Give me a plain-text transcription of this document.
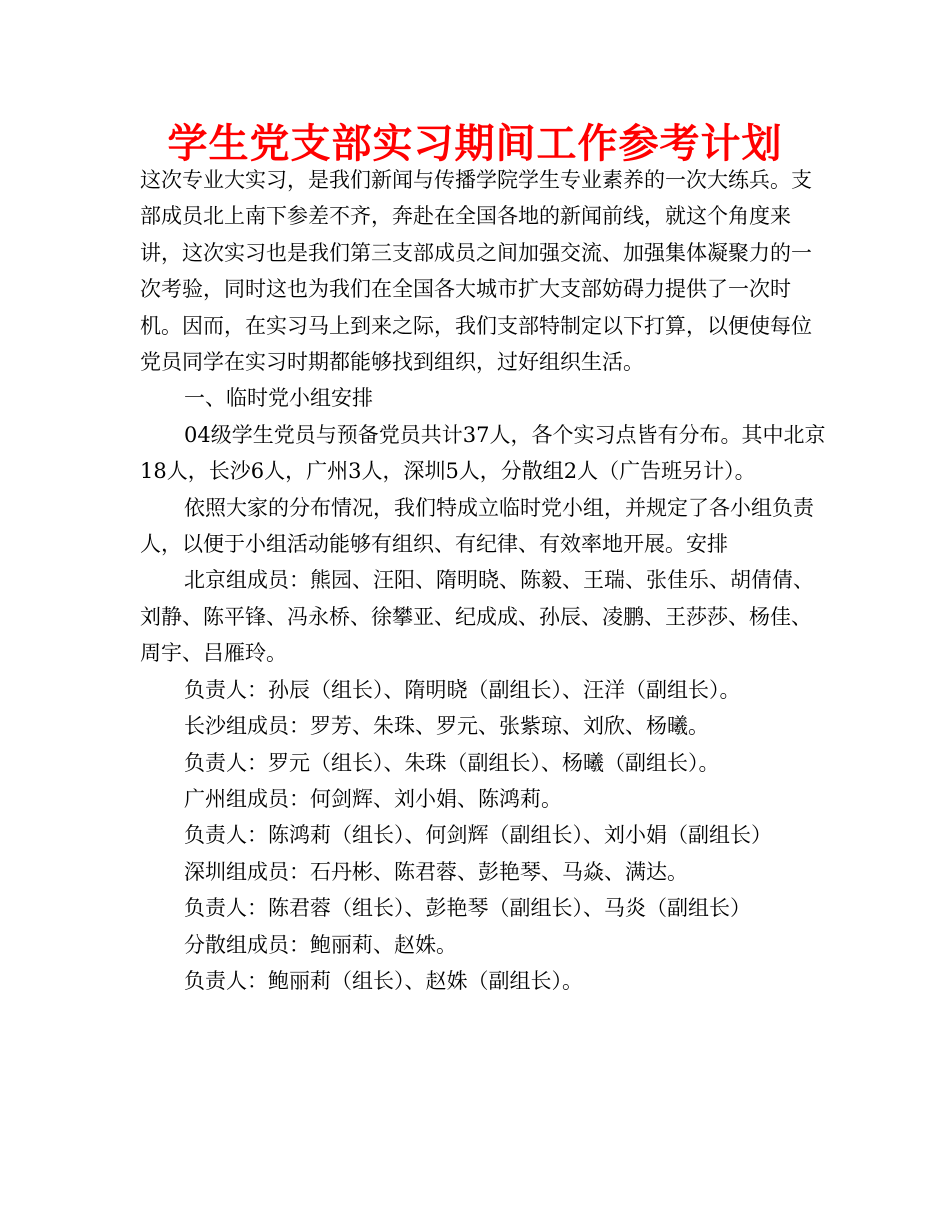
学生党支部实习期间工作参考计划

这次专业大实习，是我们新闻与传播学院学生专业素养的一次大练兵。支部成员北上南下参差不齐，奔赴在全国各地的新闻前线，就这个角度来讲，这次实习也是我们第三支部成员之间加强交流、加强集体凝聚力的一次考验，同时这也为我们在全国各大城市扩大支部妨碍力提供了一次时机。因而，在实习马上到来之际，我们支部特制定以下打算，以便使每位党员同学在实习时期都能够找到组织，过好组织生活。

一、临时党小组安排

04级学生党员与预备党员共计37人，各个实习点皆有分布。其中北京18人，长沙6人，广州3人，深圳5人，分散组2人（广告班另计）。

依照大家的分布情况，我们特成立临时党小组，并规定了各小组负责人，以便于小组活动能够有组织、有纪律、有效率地开展。安排

北京组成员：熊园、汪阳、隋明晓、陈毅、王瑞、张佳乐、胡倩倩、刘静、陈平锋、冯永桥、徐攀亚、纪成成、孙辰、凌鹏、王莎莎、杨佳、周宇、吕雁玲。

负责人：孙辰（组长）、隋明晓（副组长）、汪洋（副组长）。

长沙组成员：罗芳、朱珠、罗元、张紫琼、刘欣、杨曦。

负责人：罗元（组长）、朱珠（副组长）、杨曦（副组长）。

广州组成员：何剑辉、刘小娟、陈鸿莉。

负责人：陈鸿莉（组长）、何剑辉（副组长）、刘小娟（副组长）

深圳组成员：石丹彬、陈君蓉、彭艳琴、马焱、满达。

负责人：陈君蓉（组长）、彭艳琴（副组长）、马炎（副组长）

分散组成员：鲍丽莉、赵姝。

负责人：鲍丽莉（组长）、赵姝（副组长）。
